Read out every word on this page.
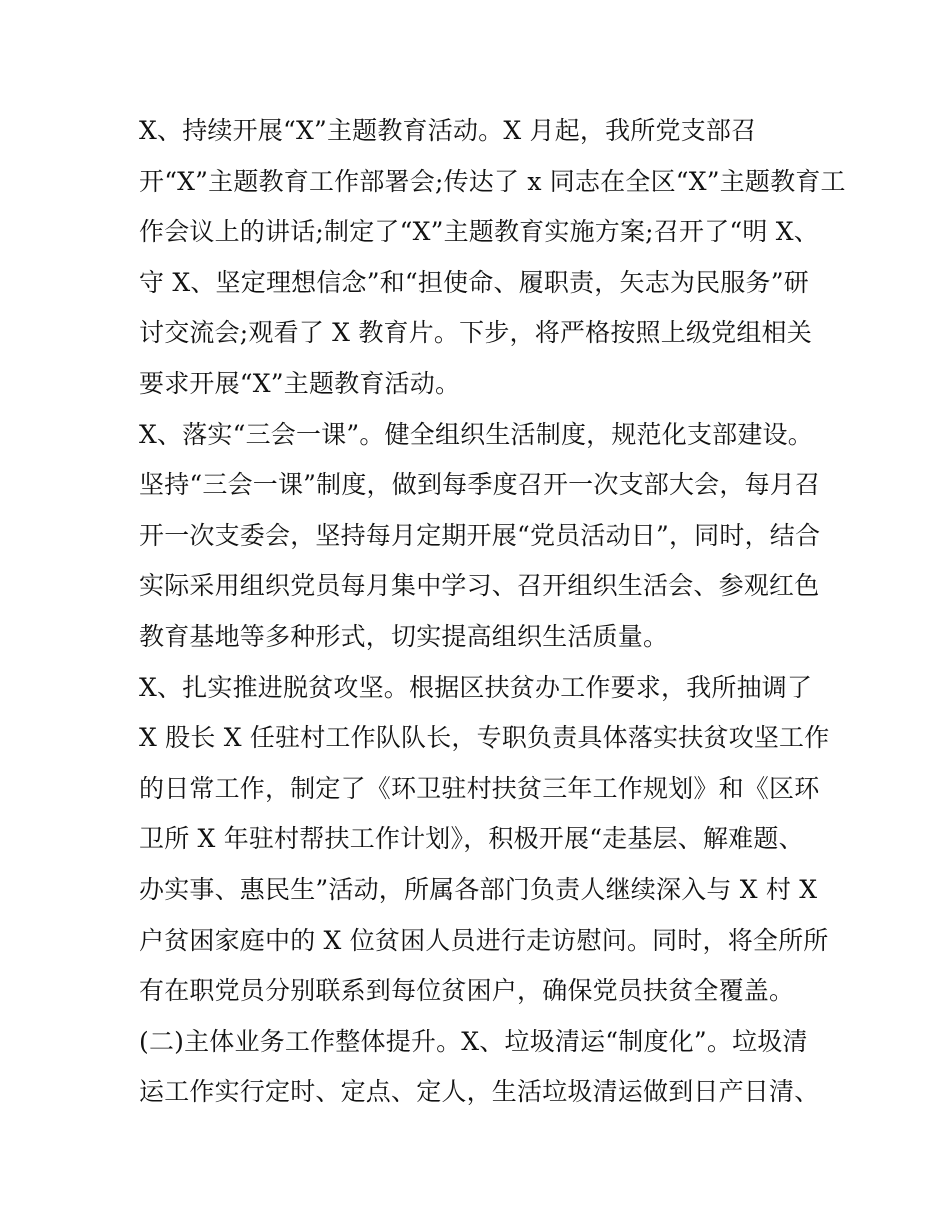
X、持续开展“X”主题教育活动。X 月起，我所党支部召
开“X”主题教育工作部署会;传达了 x 同志在全区“X”主题教育工
作会议上的讲话;制定了“X”主题教育实施方案;召开了“明 X、
守 X、坚定理想信念”和“担使命、履职责，矢志为民服务”研
讨交流会;观看了 X 教育片。下步，将严格按照上级党组相关
要求开展“X”主题教育活动。
X、落实“三会一课”。健全组织生活制度，规范化支部建设。
坚持“三会一课”制度，做到每季度召开一次支部大会，每月召
开一次支委会，坚持每月定期开展“党员活动日”，同时，结合
实际采用组织党员每月集中学习、召开组织生活会、参观红色
教育基地等多种形式，切实提高组织生活质量。
X、扎实推进脱贫攻坚。根据区扶贫办工作要求，我所抽调了
X 股长 X 任驻村工作队队长，专职负责具体落实扶贫攻坚工作
的日常工作，制定了《环卫驻村扶贫三年工作规划》和《区环
卫所 X 年驻村帮扶工作计划》，积极开展“走基层、解难题、
办实事、惠民生”活动，所属各部门负责人继续深入与 X 村 X
户贫困家庭中的 X 位贫困人员进行走访慰问。同时，将全所所
有在职党员分别联系到每位贫困户，确保党员扶贫全覆盖。
(二)主体业务工作整体提升。X、垃圾清运“制度化”。垃圾清
运工作实行定时、定点、定人，生活垃圾清运做到日产日清、
